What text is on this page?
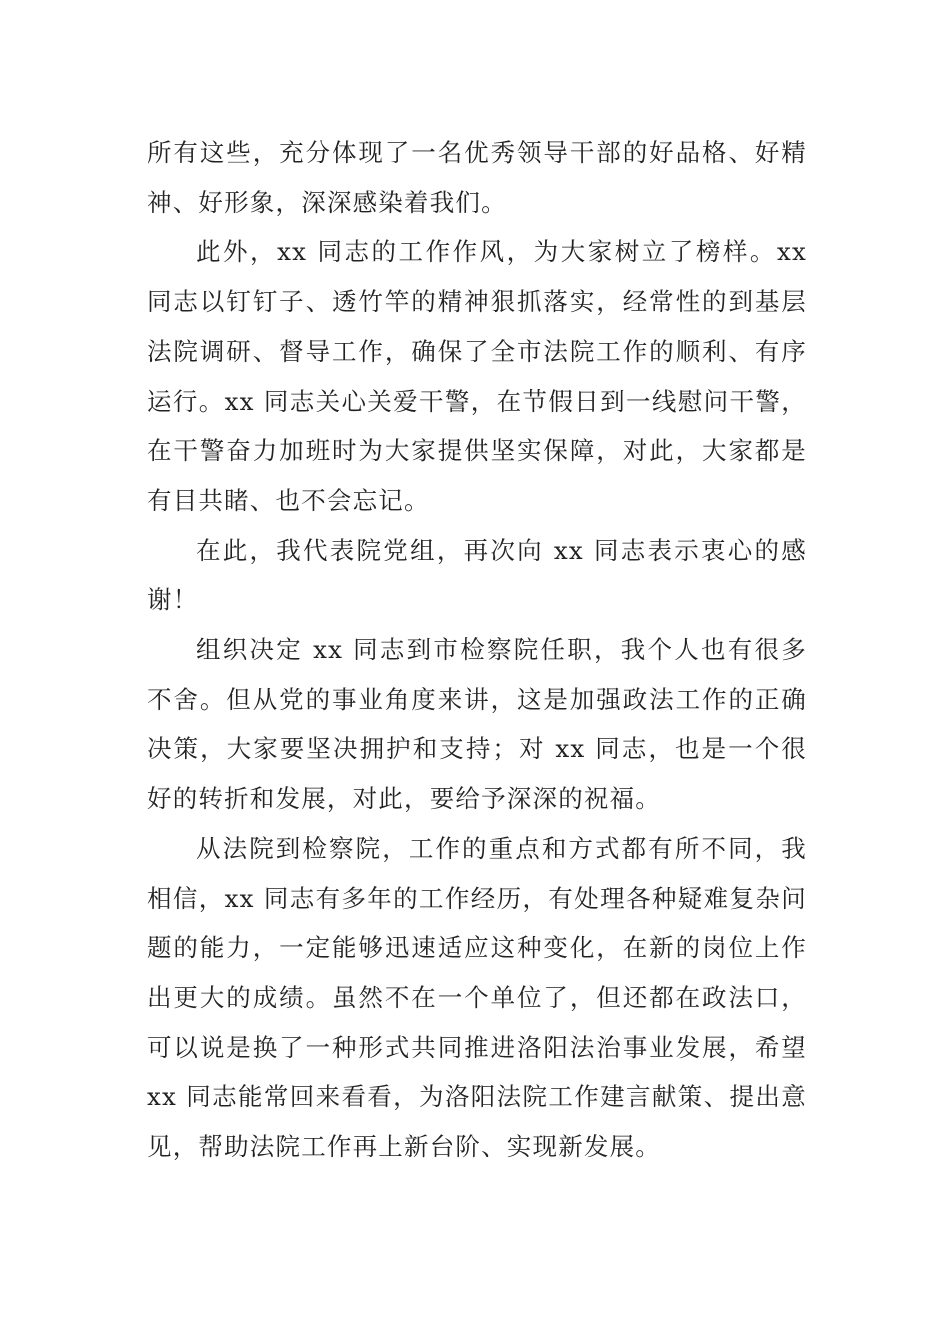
所有这些，充分体现了一名优秀领导干部的好品格、好精神、好形象，深深感染着我们。

此外，xx 同志的工作作风，为大家树立了榜样。xx 同志以钉钉子、透竹竿的精神狠抓落实，经常性的到基层法院调研、督导工作，确保了全市法院工作的顺利、有序运行。xx 同志关心关爱干警，在节假日到一线慰问干警，在干警奋力加班时为大家提供坚实保障，对此，大家都是有目共睹、也不会忘记。

在此，我代表院党组，再次向 xx 同志表示衷心的感谢！

组织决定 xx 同志到市检察院任职，我个人也有很多不舍。但从党的事业角度来讲，这是加强政法工作的正确决策，大家要坚决拥护和支持；对 xx 同志，也是一个很好的转折和发展，对此，要给予深深的祝福。

从法院到检察院，工作的重点和方式都有所不同，我相信，xx 同志有多年的工作经历，有处理各种疑难复杂问题的能力，一定能够迅速适应这种变化，在新的岗位上作出更大的成绩。虽然不在一个单位了，但还都在政法口，可以说是换了一种形式共同推进洛阳法治事业发展，希望 xx 同志能常回来看看，为洛阳法院工作建言献策、提出意见，帮助法院工作再上新台阶、实现新发展。
